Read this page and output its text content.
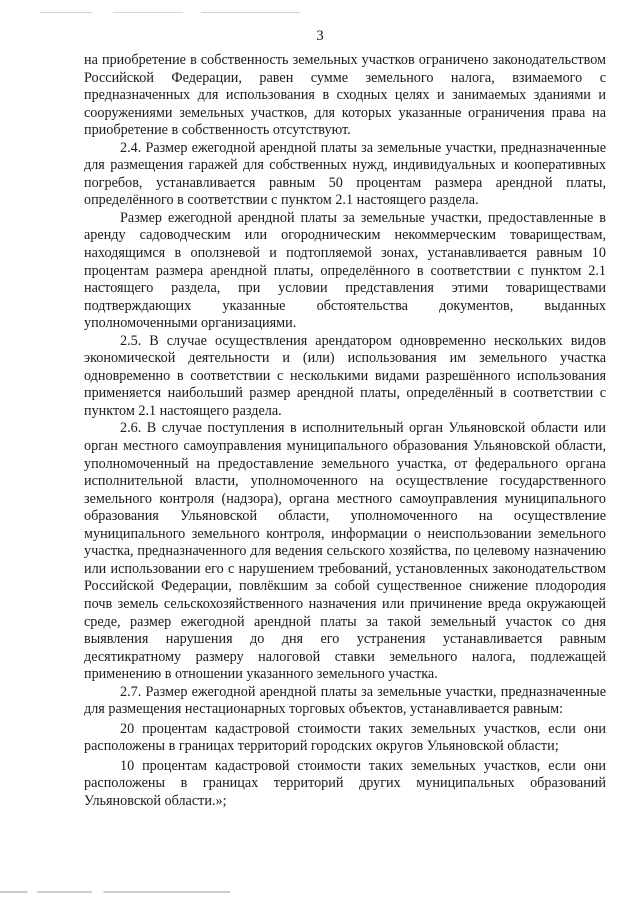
3

на приобретение в собственность земельных участков ограничено законодательством Российской Федерации, равен сумме земельного налога, взимаемого с предназначенных для использования в сходных целях и занимаемых зданиями и сооружениями земельных участков, для которых указанные ограничения права на приобретение в собственность отсутствуют.

2.4. Размер ежегодной арендной платы за земельные участки, предназначенные для размещения гаражей для собственных нужд, индивидуальных и кооперативных погребов, устанавливается равным 50 процентам размера арендной платы, определённого в соответствии с пунктом 2.1 настоящего раздела.

Размер ежегодной арендной платы за земельные участки, предоставленные в аренду садоводческим или огородническим некоммерческим товариществам, находящимся в оползневой и подтопляемой зонах, устанавливается равным 10 процентам размера арендной платы, определённого в соответствии с пунктом 2.1 настоящего раздела, при условии представления этими товариществами подтверждающих указанные обстоятельства документов, выданных уполномоченными организациями.

2.5. В случае осуществления арендатором одновременно нескольких видов экономической деятельности и (или) использования им земельного участка одновременно в соответствии с несколькими видами разрешённого использования применяется наибольший размер арендной платы, определённый в соответствии с пунктом 2.1 настоящего раздела.

2.6. В случае поступления в исполнительный орган Ульяновской области или орган местного самоуправления муниципального образования Ульяновской области, уполномоченный на предоставление земельного участка, от федерального органа исполнительной власти, уполномоченного на осуществление государственного земельного контроля (надзора), органа местного самоуправления муниципального образования Ульяновской области, уполномоченного на осуществление муниципального земельного контроля, информации о неиспользовании земельного участка, предназначенного для ведения сельского хозяйства, по целевому назначению или использовании его с нарушением требований, установленных законодательством Российской Федерации, повлёкшим за собой существенное снижение плодородия почв земель сельскохозяйственного назначения или причинение вреда окружающей среде, размер ежегодной арендной платы за такой земельный участок со дня выявления нарушения до дня его устранения устанавливается равным десятикратному размеру налоговой ставки земельного налога, подлежащей применению в отношении указанного земельного участка.

2.7. Размер ежегодной арендной платы за земельные участки, предназначенные для размещения нестационарных торговых объектов, устанавливается равным:

20 процентам кадастровой стоимости таких земельных участков, если они расположены в границах территорий городских округов Ульяновской области;

10 процентам кадастровой стоимости таких земельных участков, если они расположены в границах территорий других муниципальных образований Ульяновской области.»;
